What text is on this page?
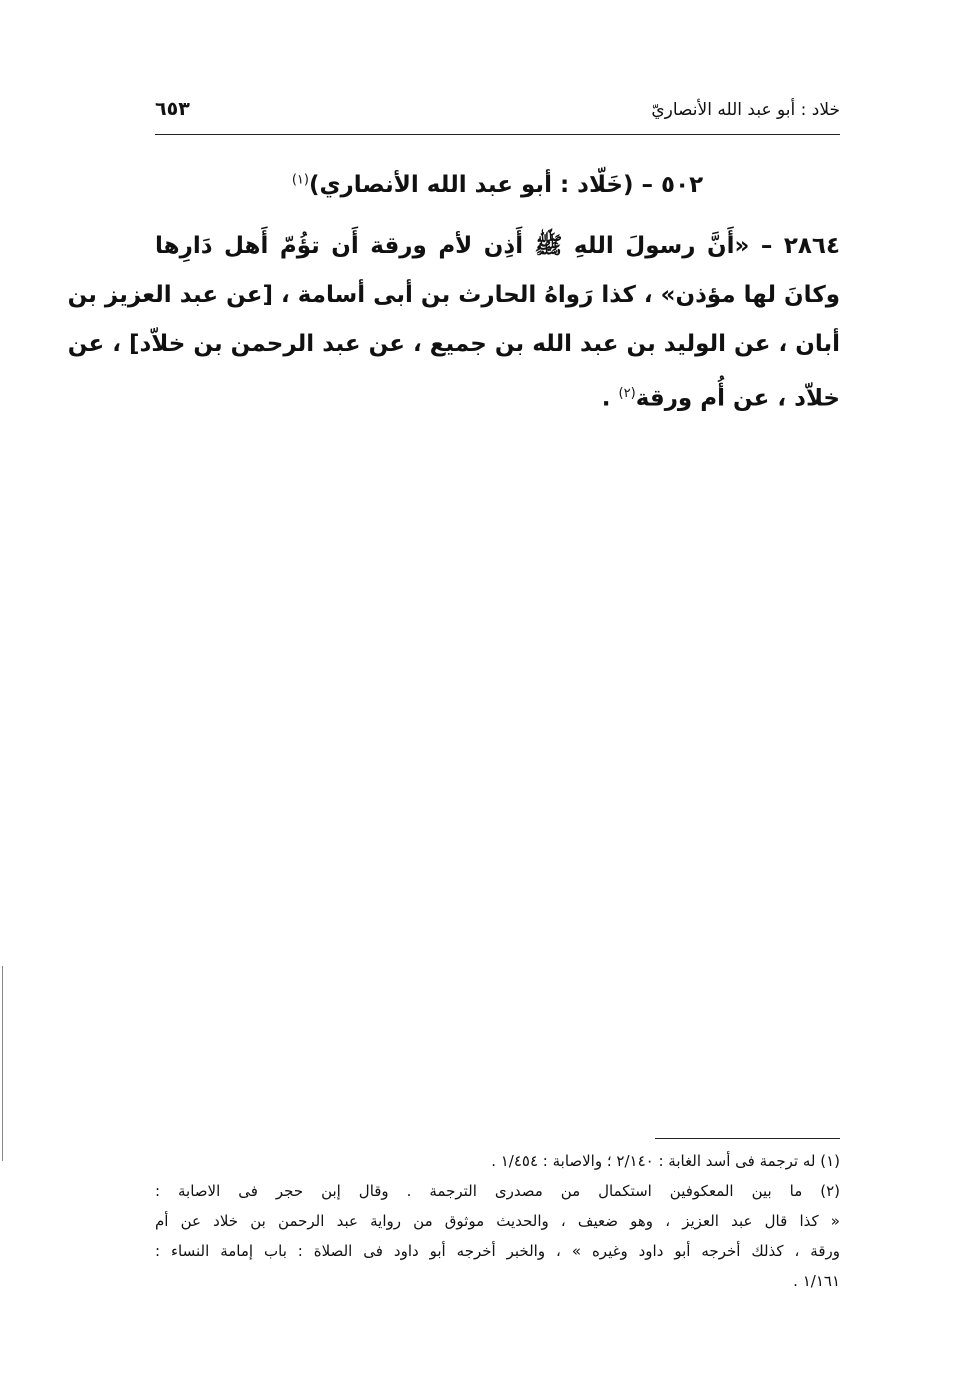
خلاد : أبو عبد الله الأنصاريّ
٦٥٣
٥٠٢ – (خَلّاد : أبو عبد الله الأنصاري)$^{(١)}$
٢٨٦٤ – «أَنَّ رسولَ اللهِ ﷺ أَذِن لأم ورقة أَن تؤُمّ أَهل دَارِها
وكانَ لها مؤذن» ، كذا رَواهُ الحارث بن أبى أسامة ، [عن عبد العزيز بن
أبان ، عن الوليد بن عبد الله بن جميع ، عن عبد الرحمن بن خلاّد] ، عن
خلاّد ، عن أُم ورقة$^{(٢)}$ .
(١) له ترجمة فى أسد الغابة : ٢/١٤٠ ؛ والاصابة : ١/٤٥٤ .
(٢) ما بين المعكوفين استكمال من مصدرى الترجمة . وقال إبن حجر فى الاصابة :
« كذا قال عبد العزيز ، وهو ضعيف ، والحديث موثوق من رواية عبد الرحمن بن خلاد عن أم
ورقة ، كذلك أخرجه أبو داود وغيره » ، والخبر أخرجه أبو داود فى الصلاة : باب إمامة النساء :
١/١٦١ .
